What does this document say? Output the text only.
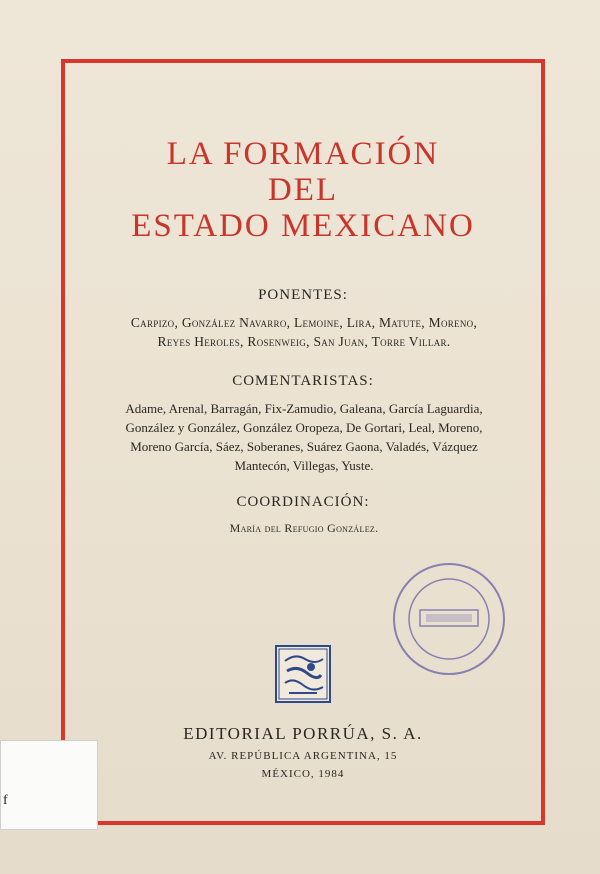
LA FORMACIÓN
DEL
ESTADO MEXICANO
PONENTES:
Carpizo, González Navarro, Lemoine, Lira, Matute, Moreno,
Reyes Heroles, Rosenweig, San Juan, Torre Villar.
COMENTARISTAS:
Adame, Arenal, Barragán, Fix-Zamudio, Galeana, García Laguardia,
González y González, González Oropeza, De Gortari, Leal, Moreno,
Moreno García, Sáez, Soberanes, Suárez Gaona, Valadés, Vázquez
Mantecón, Villegas, Yuste.
COORDINACIÓN:
María del Refugio González.
EDITORIAL PORRÚA, S. A.
AV. REPÚBLICA ARGENTINA, 15
MÉXICO, 1984
f
